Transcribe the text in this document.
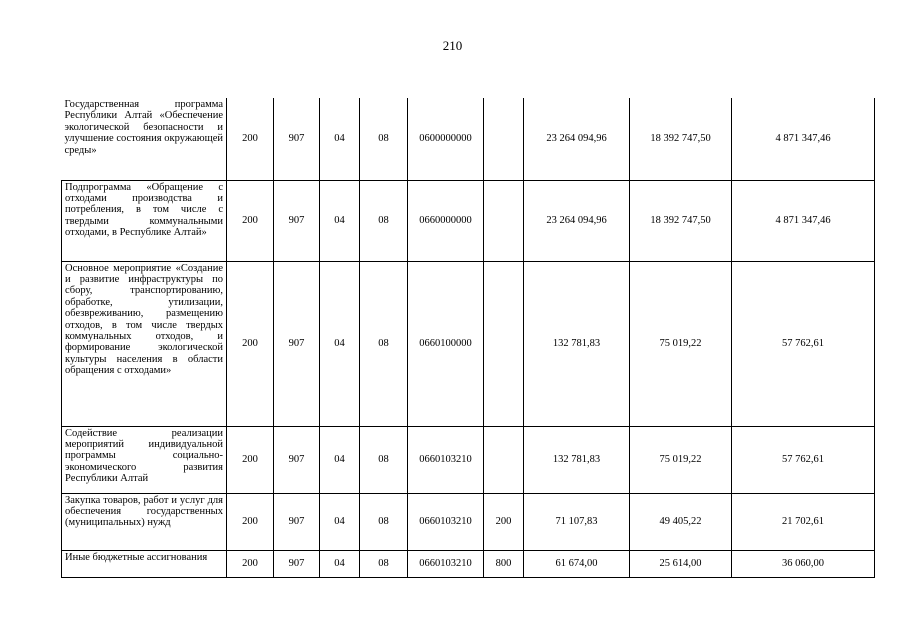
210
Государственная программа Республики Алтай «Обеспечение экологической безопасности и улучшение состояния окружающей среды»	200	907	04	08	0600000000		23 264 094,96	18 392 747,50	4 871 347,46
Подпрограмма «Обращение с отходами производства и потребления, в том числе с твердыми коммунальными отходами, в Республике Алтай»	200	907	04	08	0660000000		23 264 094,96	18 392 747,50	4 871 347,46
Основное мероприятие «Создание и развитие инфраструктуры по сбору, транспортированию, обработке, утилизации, обезвреживанию, размещению отходов, в том числе твердых коммунальных отходов, и формирование экологической культуры населения в области обращения с отходами»	200	907	04	08	0660100000		132 781,83	75 019,22	57 762,61
Содействие реализации мероприятий индивидуальной программы социально-экономического развития Республики Алтай	200	907	04	08	0660103210		132 781,83	75 019,22	57 762,61
Закупка товаров, работ и услуг для обеспечения государственных (муниципальных) нужд	200	907	04	08	0660103210	200	71 107,83	49 405,22	21 702,61
Иные бюджетные ассигнования	200	907	04	08	0660103210	800	61 674,00	25 614,00	36 060,00
